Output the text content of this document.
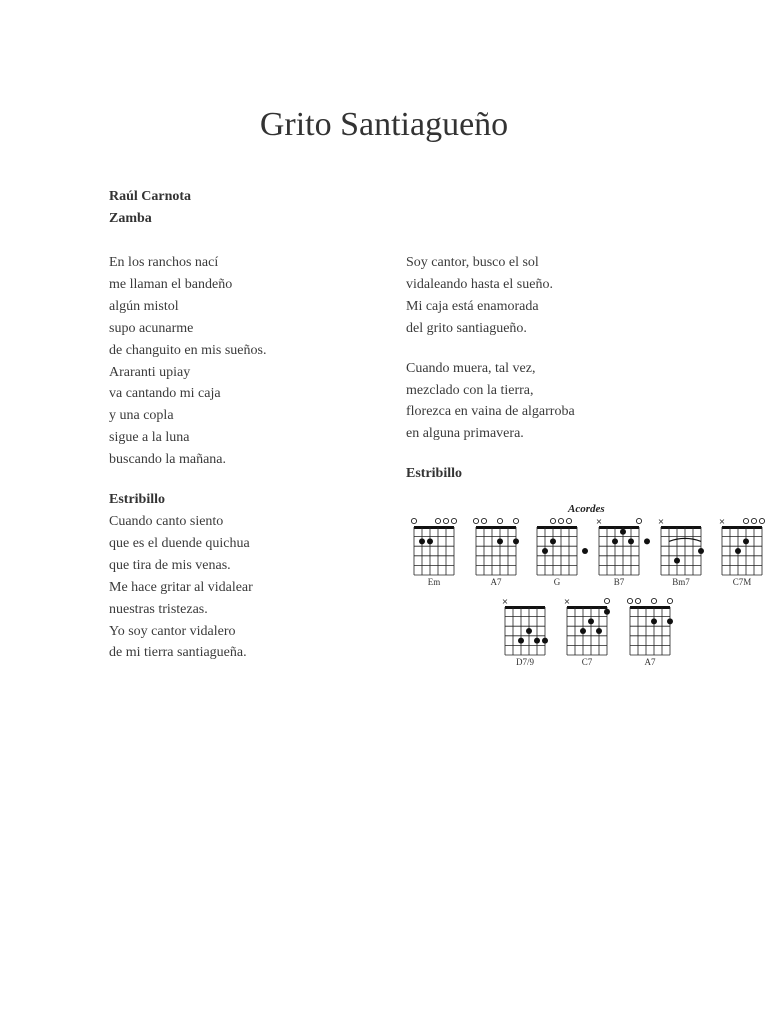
Grito Santiagueño
Raúl Carnota
Zamba
En los ranchos nací
me llaman el bandeño
algún mistol
supo acunarme
de changuito en mis sueños.
Araranti upiay
va cantando mi caja
y una copla
sigue a la luna
buscando la mañana.
Estribillo
Cuando canto siento
que es el duende quichua
que tira de mis venas.
Me hace gritar al vidalear
nuestras tristezas.
Yo soy cantor vidalero
de mi tierra santiagueña.
Soy cantor, busco el sol
vidaleando hasta el sueño.
Mi caja está enamorada
del grito santiagueño.
Cuando muera, tal vez,
mezclado con la tierra,
florezca en vaina de algarroba
en alguna primavera.
Estribillo
Acordes
Em	A7	G
×
B7
×
Bm7
×
C7M
×
D7/9
×
C7	A7
